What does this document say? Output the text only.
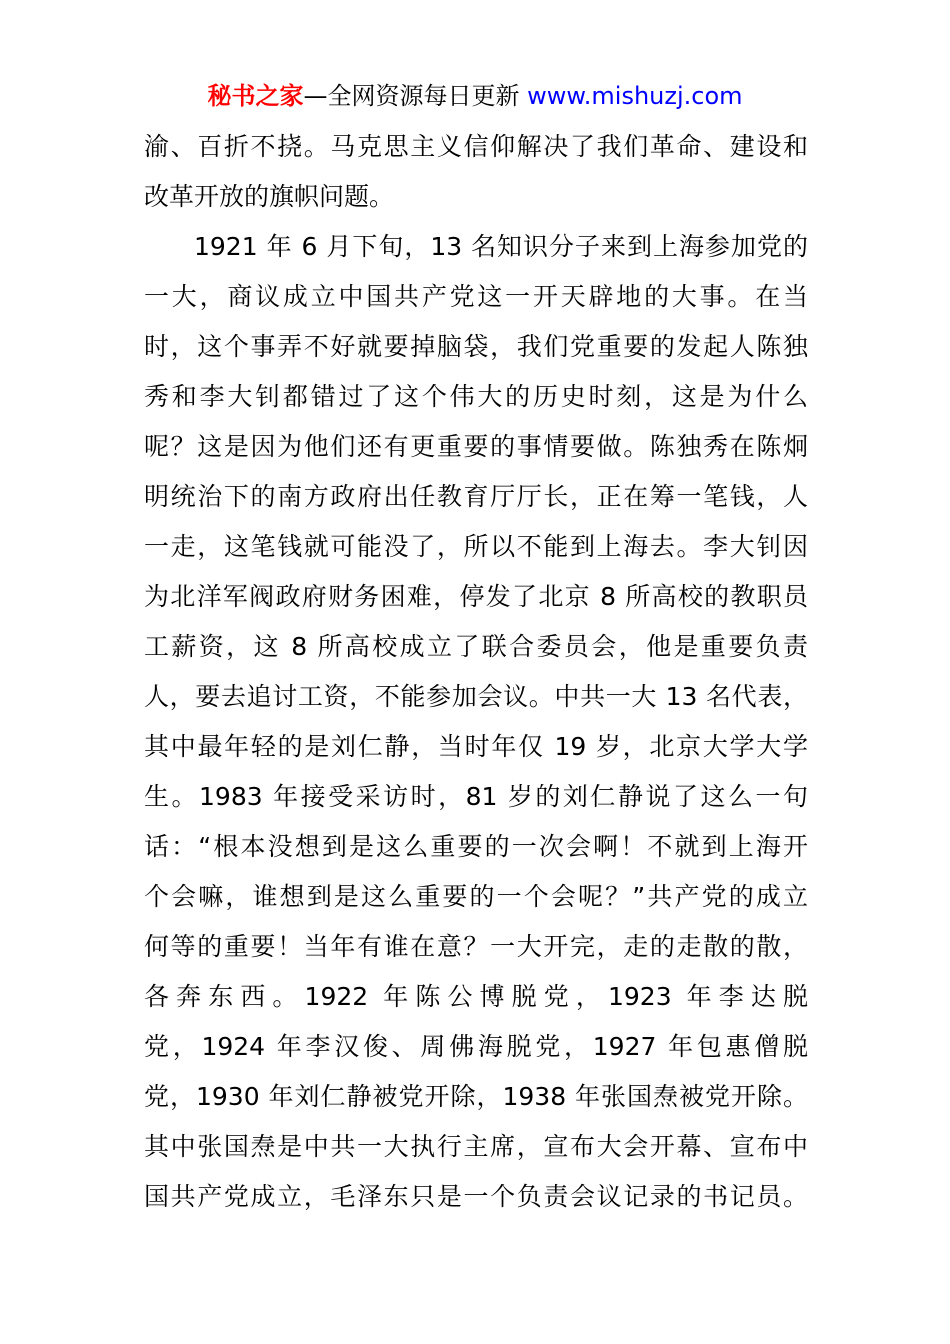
秘书之家—全网资源每日更新 www.mishuzj.com
渝、百折不挠。马克思主义信仰解决了我们革命、建设和
改革开放的旗帜问题。
1921 年 6 月下旬，13 名知识分子来到上海参加党的
一大，商议成立中国共产党这一开天辟地的大事。在当
时，这个事弄不好就要掉脑袋，我们党重要的发起人陈独
秀和李大钊都错过了这个伟大的历史时刻，这是为什么
呢？这是因为他们还有更重要的事情要做。陈独秀在陈炯
明统治下的南方政府出任教育厅厅长，正在筹一笔钱，人
一走，这笔钱就可能没了，所以不能到上海去。李大钊因
为北洋军阀政府财务困难，停发了北京 8 所高校的教职员
工薪资，这 8 所高校成立了联合委员会，他是重要负责
人，要去追讨工资，不能参加会议。中共一大 13 名代表，
其中最年轻的是刘仁静，当时年仅 19 岁，北京大学大学
生。1983 年接受采访时，81 岁的刘仁静说了这么一句
话：“根本没想到是这么重要的一次会啊！不就到上海开
个会嘛，谁想到是这么重要的一个会呢？”共产党的成立
何等的重要！当年有谁在意？一大开完，走的走散的散，
各奔东西。1922 年陈公博脱党，1923 年李达脱
党，1924 年李汉俊、周佛海脱党，1927 年包惠僧脱
党，1930 年刘仁静被党开除，1938 年张国焘被党开除。
其中张国焘是中共一大执行主席，宣布大会开幕、宣布中
国共产党成立，毛泽东只是一个负责会议记录的书记员。
